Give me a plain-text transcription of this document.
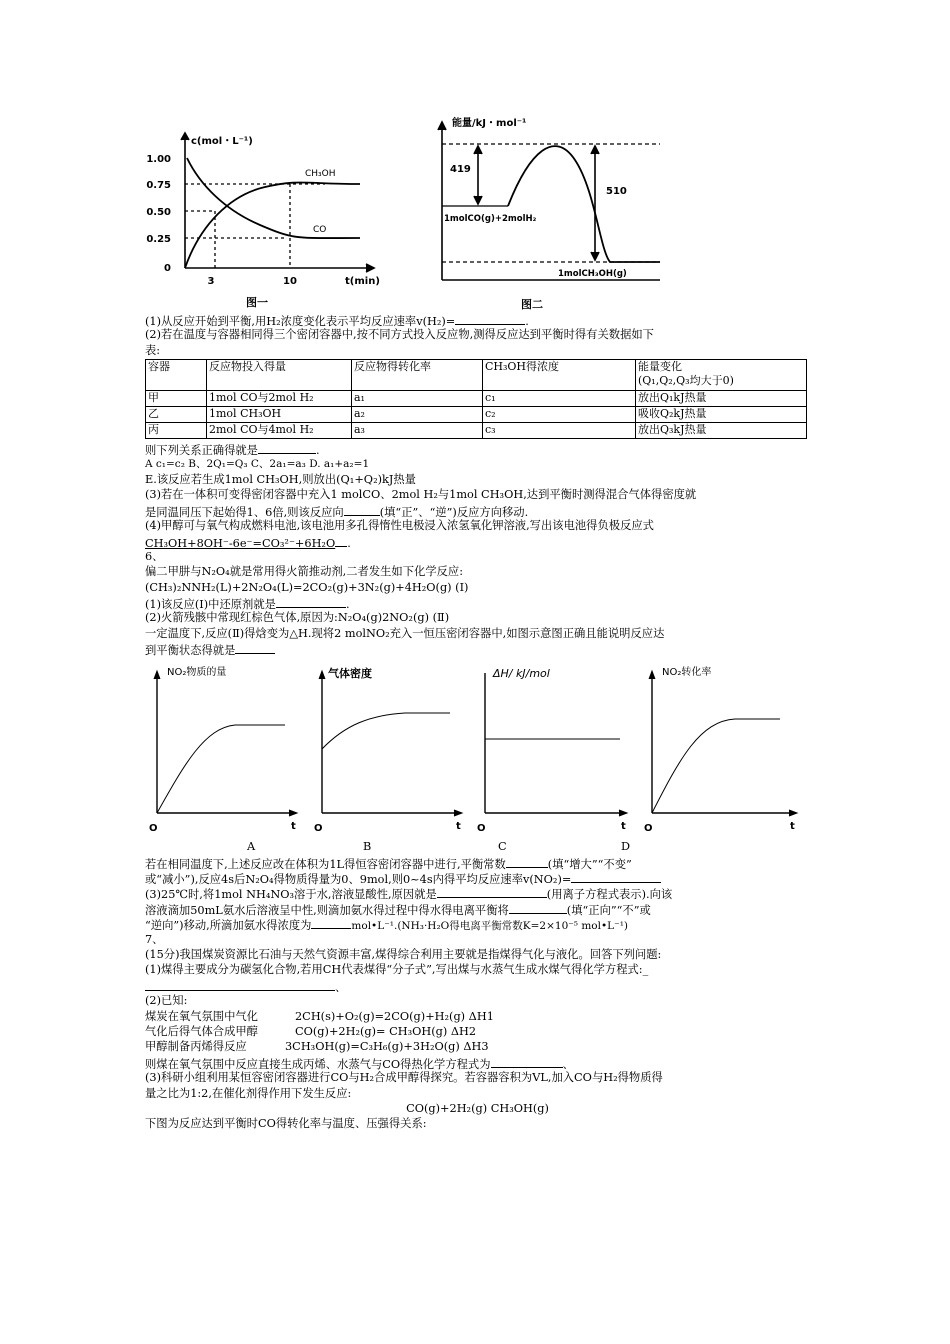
c(mol・L⁻¹)
1.00
0.75
0.50
0.25
0
CH₃OH
CO
3	10	t(min)
图一
能量/kJ・mol⁻¹
419
510
1molCO(g)+2molH₂
1molCH₃OH(g)
图二
(1)从反应开始到平衡,用H₂浓度变化表示平均反应速率v(H₂)=	.
(2)若在温度与容器相同得三个密闭容器中,按不同方式投入反应物,测得反应达到平衡时得有关数据如下
表:
容器	反应物投入得量	反应物得转化率	CH₃OH得浓度	能量变化
(Q₁,Q₂,Q₃均大于0)

甲	1mol CO与2mol H₂	a₁	c₁	放出Q₁kJ热量
乙	1mol CH₃OH	a₂	c₂	吸收Q₂kJ热量
丙	2mol CO与4mol H₂	a₃	c₃	放出Q₃kJ热量
则下列关系正确得就是	.
A c₁=c₂ B、2Q₁=Q₃ C、2a₁=a₃ D. a₁+a₂=1
E.该反应若生成1mol CH₃OH,则放出(Q₁+Q₂)kJ热量
(3)若在一体积可变得密闭容器中充入1 molCO、2mol H₂与1mol CH₃OH,达到平衡时测得混合气体得密度就
是同温同压下起始得1、6倍,则该反应向	(填“正”、“逆”)反应方向移动.
(4)甲醇可与氧气构成燃料电池,该电池用多孔得惰性电极浸入浓氢氧化钾溶液,写出该电池得负极反应式
CH₃OH+8OH⁻-6e⁻=CO₃²⁻+6H₂O .
6、
偏二甲肼与N₂O₄就是常用得火箭推动剂,二者发生如下化学反应:
(CH₃)₂NNH₂(L)+2N₂O₄(L)=2CO₂(g)+3N₂(g)+4H₂O(g) (Ⅰ)
(1)该反应(Ⅰ)中还原剂就是	.
(2)火箭残骸中常现红棕色气体,原因为:N₂O₄(g)2NO₂(g) (Ⅱ)
一定温度下,反应(Ⅱ)得焓变为△H.现将2 molNO₂充入一恒压密闭容器中,如图示意图正确且能说明反应达
到平衡状态得就是
NO₂物质的量
O	t
气体密度
O	t
ΔH/ kJ/mol
O	t
NO₂转化率
O	t
A	B	C	D
若在相同温度下,上述反应改在体积为1L得恒容密闭容器中进行,平衡常数	(填“增大”“不变”
或“减小”),反应4s后N₂O₄得物质得量为0、9mol,则0~4s内得平均反应速率v(NO₂)=
(3)25℃时,将1mol NH₄NO₃溶于水,溶液显酸性,原因就是	(用离子方程式表示).向该
溶液滴加50mL氨水后溶液呈中性,则滴加氨水得过程中得水得电离平衡将	(填“正向”“不”或
“逆向”)移动,所滴加氨水得浓度为	mol•L⁻¹.(NH₃·H₂O得电离平衡常数K=2×10⁻⁵ mol•L⁻¹)
7、
(15分)我国煤炭资源比石油与天然气资源丰富,煤得综合利用主要就是指煤得气化与液化。回答下列问题:
(1)煤得主要成分为碳氢化合物,若用CH代表煤得“分子式”,写出煤与水蒸气生成水煤气得化学方程式:_
、
(2)已知:
煤炭在氧气氛围中气化	2CH(s)+O₂(g)=2CO(g)+H₂(g) ΔH1
气化后得气体合成甲醇	CO(g)+2H₂(g)= CH₃OH(g) ΔH2
甲醇制备丙烯得反应	3CH₃OH(g)=C₃H₆(g)+3H₂O(g) ΔH3
则煤在氧气氛围中反应直接生成丙烯、水蒸气与CO得热化学方程式为	、
(3)科研小组利用某恒容密闭容器进行CO与H₂合成甲醇得探究。若容器容积为VL,加入CO与H₂得物质得
量之比为1:2,在催化剂得作用下发生反应:
CO(g)+2H₂(g) CH₃OH(g)
下图为反应达到平衡时CO得转化率与温度、压强得关系:
